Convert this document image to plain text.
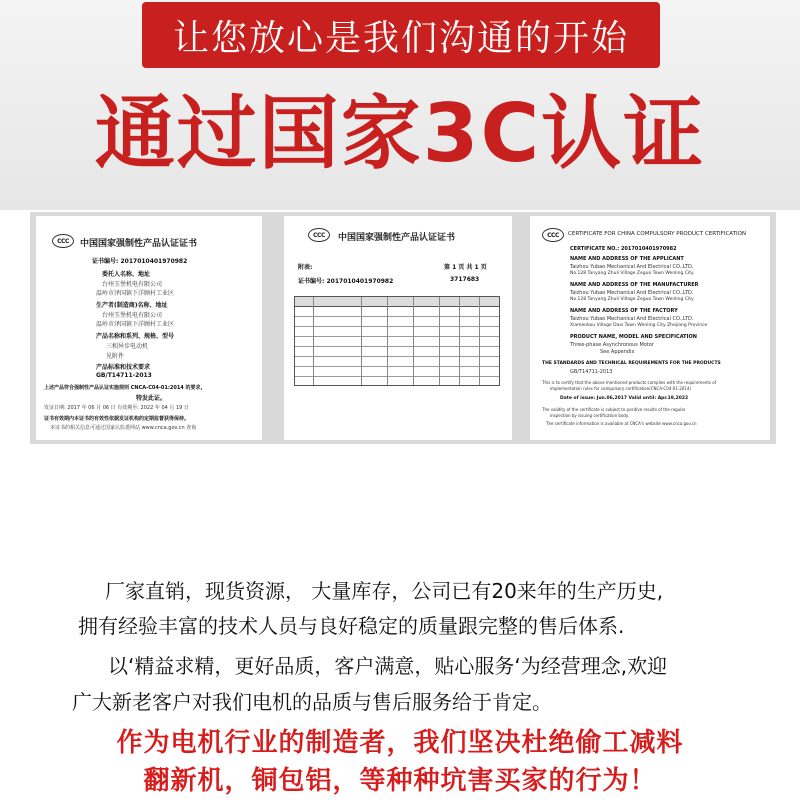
让您放心是我们沟通的开始
通过国家3C认证
CCC	中国国家强制性产品认证证书
证书编号: 2017010401970982
委托人名称、地址
台州玉堡机电有限公司
温岭市泽国镇下洋顾村工业区
生产者(制造商)名称、地址
台州玉堡机电有限公司
温岭市泽国镇下洋顾村工业区
产品名称和系列、规格、型号
三相异步电动机
见附件
产品标准和技术要求
GB/T14711-2013
上述产品符合强制性产品认证实施规则 CNCA-C04-01:2014 的要求,
特发此证。
发证日期: 2017 年 06 月 06 日 有效期至: 2022 年 04 月 19 日
证书有效期内本证书的有效性依据发证机构的定期监督获得保持。
本证书的相关信息可通过国家认监委网站 www.cnca.gov.cn 查询
CCC	中国国家强制性产品认证证书
附表:	第 1 页 共 1 页
证书编号: 2017010401970982	3717683
CCC	CERTIFICATE FOR CHINA COMPULSORY PRODUCT CERTIFICATION
CERTIFICATE NO.: 2017010401970982
NAME AND ADDRESS OF THE APPLICANT
Taizhou Yubao Mechanical And Electrical CO.,LTD.
No.128 Tanyang Zhuli Village Zeguo Town Wenling City
NAME AND ADDRESS OF THE MANUFACTURER
Taizhou Yubao Mechanical And Electrical CO.,LTD.
No.128 Tanyang Zhuli Village Zeguo Town Wenling City
NAME AND ADDRESS OF THE FACTORY
Taizhou Yubao Mechanical And Electrical CO.,LTD.
Xiamenkou Village Daxi Town Wenling City Zhejiang Province
PRODUCT NAME, MODEL AND SPECIFICATION
Three-phase Asynchronous Motor
See Appendix
THE STANDARDS AND TECHNICAL REQUIREMENTS FOR THE PRODUCTS
GB/T14711-2013
This is to certify that the above mentioned products complies with the requirements of
implementation rules for compulsory certification(CNCA-C04-01:2014)
Date of issue: Jun.06,2017 Valid until: Apr.19,2022
The validity of the certificate is subject to positive results of the regular
inspection by issuing certification body.
The certificate information is available at CNCA's website www.cnca.gov.cn
厂家直销，现货资源， 大量库存，公司已有20来年的生产历史,
拥有经验丰富的技术人员与良好稳定的质量跟完整的售后体系.
以‘精益求精，更好品质，客户满意，贴心服务‘为经营理念,欢迎
广大新老客户对我们电机的品质与售后服务给于肯定。
作为电机行业的制造者，我们坚决杜绝偷工减料
翻新机，铜包铝，等种种坑害买家的行为！
